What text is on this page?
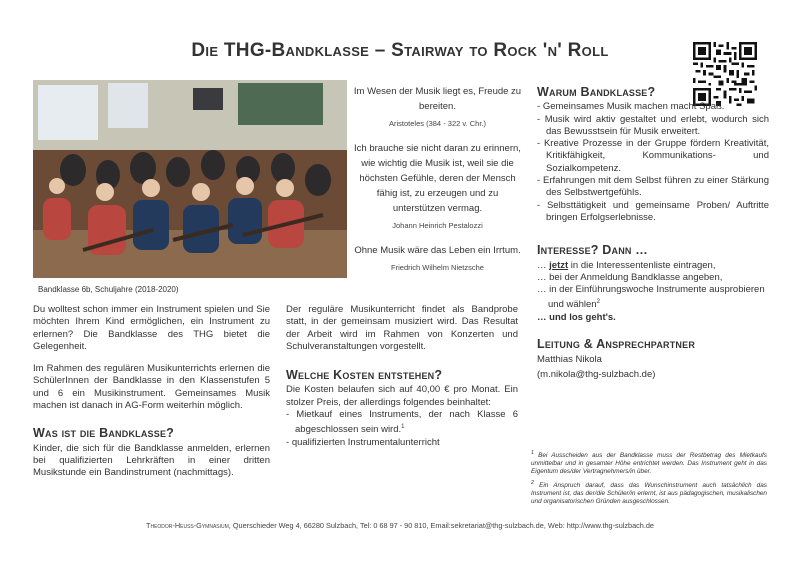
Die THG-Bandklasse – Stairway to Rock 'n' Roll
Bandklasse 6b, Schuljahre (2018-2020)
Im Wesen der Musik liegt es, Freude zu bereiten.
Aristoteles (384 - 322 v. Chr.)
Ich brauche sie nicht daran zu erinnern, wie wichtig die Musik ist, weil sie die höchsten Gefühle, deren der Mensch fähig ist, zu erzeugen und zu unterstützen vermag.
Johann Heinrich Pestalozzi
Ohne Musik wäre das Leben ein Irrtum.
Friedrich Wilhelm Nietzsche

Du wolltest schon immer ein Instrument spielen und Sie möchten Ihrem Kind ermöglichen, ein Instrument zu erlernen? Die Bandklasse des THG bietet die Gelegenheit.

Im Rahmen des regulären Musikunterrichts erlernen die SchülerInnen der Bandklasse in den Klassenstufen 5 und 6 ein Musikinstrument. Gemeinsames Musik machen ist danach in AG-Form weiterhin möglich.

Was ist die Bandklasse?

Kinder, die sich für die Bandklasse anmelden, erlernen bei qualifizierten Lehrkräften in einer dritten Musikstunde ein Bandinstrument (nachmittags).

Der reguläre Musikunterricht findet als Bandprobe statt, in der gemeinsam musiziert wird. Das Resultat der Arbeit wird im Rahmen von Konzerten und Schulveranstaltungen vorgestellt.

Welche Kosten entstehen?

Die Kosten belaufen sich auf 40,00 € pro Monat. Ein stolzer Preis, der allerdings folgendes beinhaltet:

- Mietkauf eines Instruments, der nach Klasse 6 abgeschlossen sein wird.$^1$
- qualifizierten Instrumentalunterricht
Warum Bandklasse?
- Gemeinsames Musik machen macht Spaß.
- Musik wird aktiv gestaltet und erlebt, wodurch sich das Bewusstsein für Musik erweitert.
- Kreative Prozesse in der Gruppe fördern Kreativität, Kritikfähigkeit, Kommunikations- und Sozialkompetenz.
- Erfahrungen mit dem Selbst führen zu einer Stärkung des Selbstwertgefühls.
- Selbsttätigkeit und gemeinsame Proben/ Auftritte bringen Erfolgserlebnisse.
Interesse? Dann …
… jetzt in die Interessentenliste eintragen,
… bei der Anmeldung Bandklasse angeben,
… in der Einführungswoche Instrumente ausprobieren und wählen$^2$
… und los geht's.
Leitung & Ansprechpartner
Matthias Nikola
(m.nikola@thg-sulzbach.de)

$^1$ Bei Ausscheiden aus der Bandklasse muss der Restbetrag des Mietkaufs unmittelbar und in gesamter Höhe entrichtet werden. Das Instrument geht in das Eigentum des/der Vertragnehmers/in über.

$^2$ Ein Anspruch darauf, dass das Wunschinstrument auch tatsächlich das Instrument ist, das der/die Schüler/in erlernt, ist aus pädagogischen, musikalischen und organisatorischen Gründen ausgeschlossen.

Theodor-Heuss-Gymnasium, Querschieder Weg 4, 66280 Sulzbach, Tel: 0 68 97 - 90 810, Email:sekretariat@thg-sulzbach.de, Web: http://www.thg-sulzbach.de
